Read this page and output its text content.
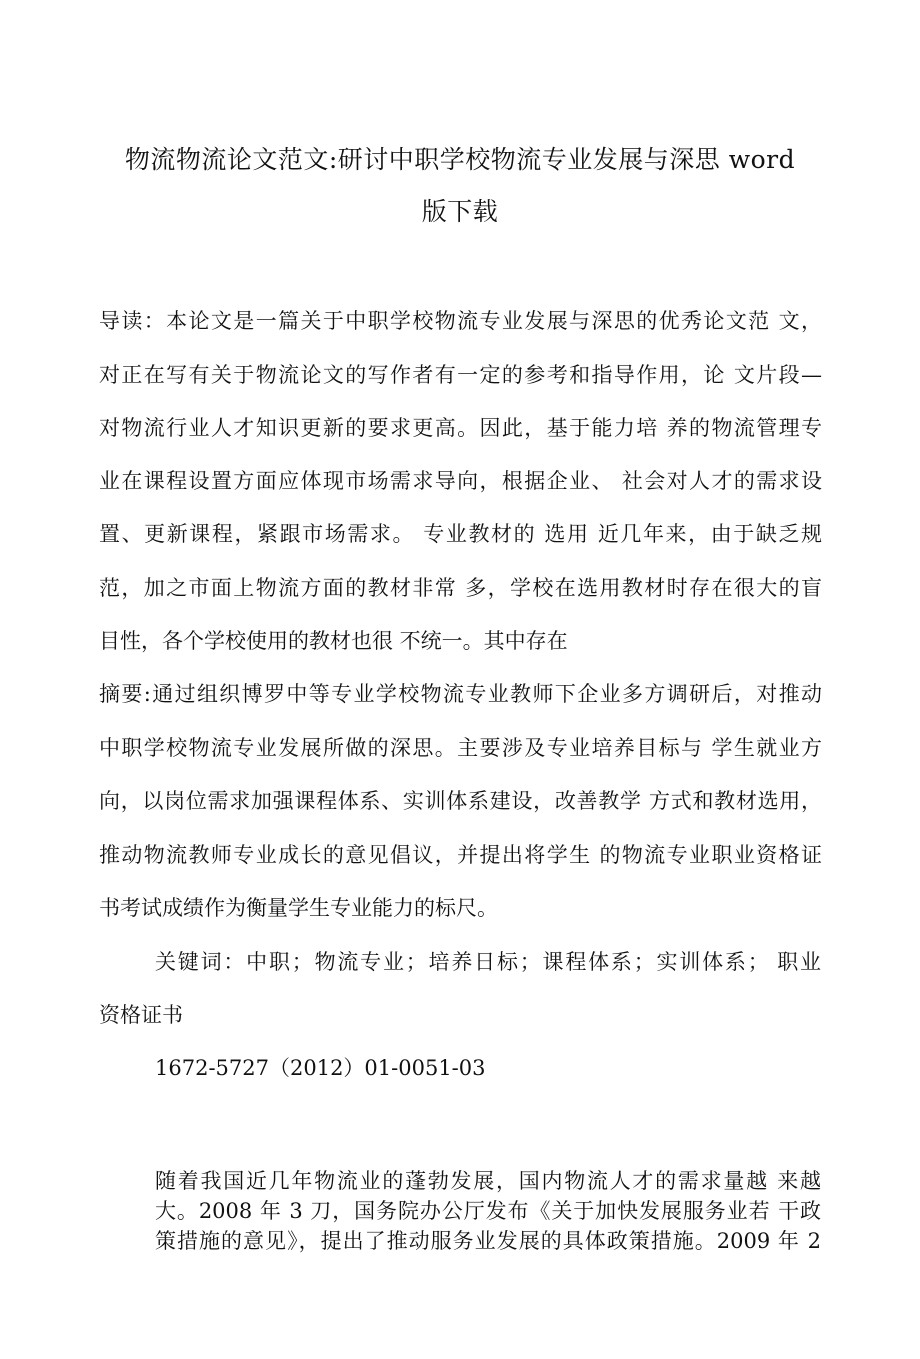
物流物流论文范文:研讨中职学校物流专业发展与深思 word
版下载
导读：本论文是一篇关于中职学校物流专业发展与深思的优秀论文范 文，
对正在写有关于物流论文的写作者有一定的参考和指导作用，论 文片段—
对物流行业人才知识更新的要求更高。因此，基于能力培 养的物流管理专
业在课程设置方面应体现市场需求导向，根据企业、 社会对人才的需求设
置、更新课程，紧跟市场需求。 专业教材的 选用 近几年来，由于缺乏规
范，加之市面上物流方面的教材非常 多，学校在选用教材时存在很大的盲
目性，各个学校使用的教材也很 不统一。其中存在
摘要:通过组织博罗中等专业学校物流专业教师下企业多方调研后，对推动
中职学校物流专业发展所做的深思。主要涉及专业培养目标与 学生就业方
向，以岗位需求加强课程体系、实训体系建设，改善教学 方式和教材选用，
推动物流教师专业成长的意见倡议，并提出将学生 的物流专业职业资格证
书考试成绩作为衡量学生专业能力的标尺。
关键词：中职；物流专业；培养日标；课程体系；实训体系； 职业
资格证书
1672-5727（2012）01-0051-03
随着我国近几年物流业的蓬勃发展，国内物流人才的需求量越 来越
大。2008 年 3 刀，国务院办公厅发布《关于加快发展服务业若 干政
策措施的意见》，提出了推动服务业发展的具体政策措施。2009 年 2
